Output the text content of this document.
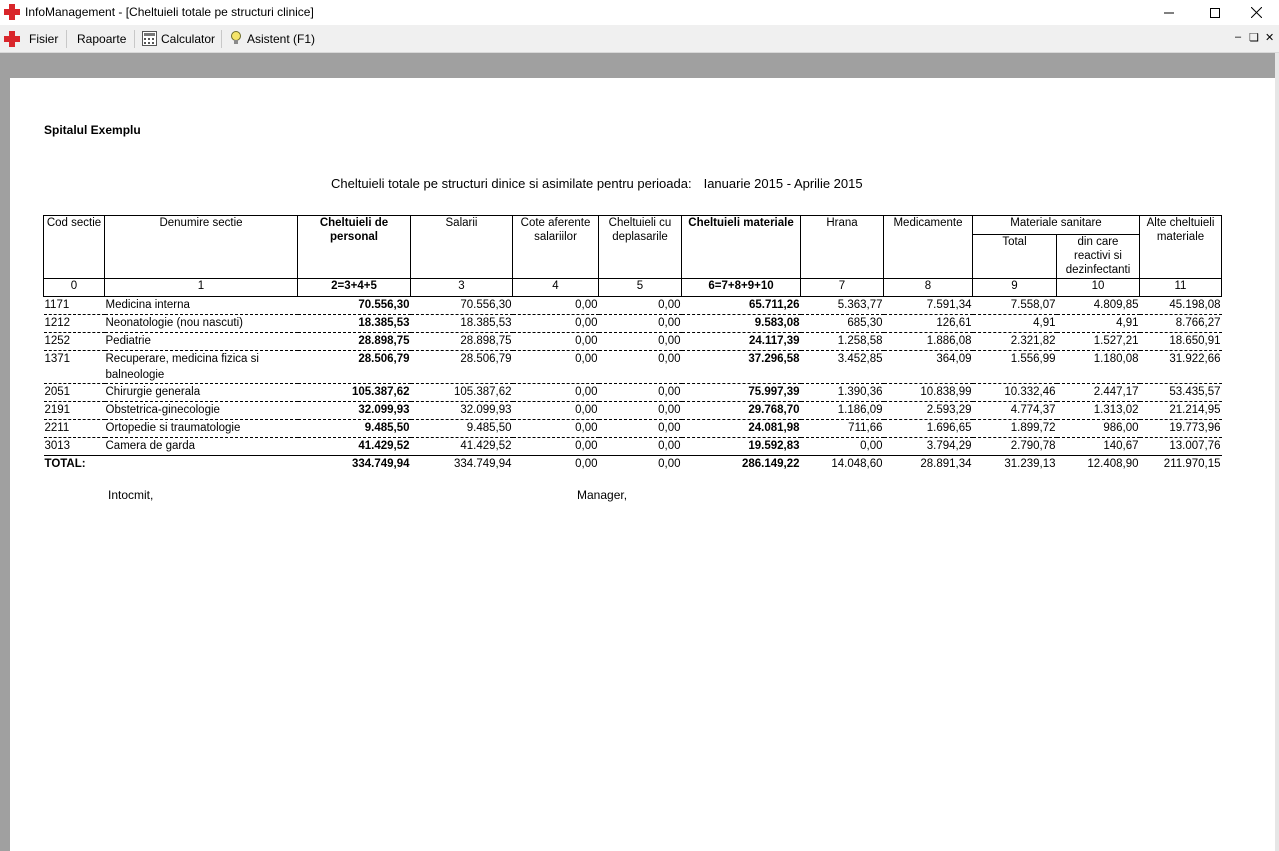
InfoManagement - [Cheltuieli totale pe structuri clinice]
Fisier Rapoarte	Calculator	Asistent (F1)	– ❏ ✕
Spitalul Exemplu
Cheltuieli totale pe structuri dinice si asimilate pentru perioada: Ianuarie 2015 - Aprilie 2015
Cod sectie	Denumire sectie	Cheltuieli de personal	Salarii	Cote aferente salariilor	Cheltuieli cu deplasarile	Cheltuieli materiale	Hrana	Medicamente	Materiale sanitare		Alte cheltuieli materiale
									Total	din care reactivi si dezinfectanti	
0	1	2=3+4+5	3	4	5	6=7+8+9+10	7	8	9	10	11
1171	Medicina interna	70.556,30	70.556,30	0,00	0,00	65.711,26	5.363,77	7.591,34	7.558,07	4.809,85	45.198,08
1212	Neonatologie (nou nascuti)	18.385,53	18.385,53	0,00	0,00	9.583,08	685,30	126,61	4,91	4,91	8.766,27
1252	Pediatrie	28.898,75	28.898,75	0,00	0,00	24.117,39	1.258,58	1.886,08	2.321,82	1.527,21	18.650,91
1371	Recuperare, medicina fizica si balneologie	28.506,79	28.506,79	0,00	0,00	37.296,58	3.452,85	364,09	1.556,99	1.180,08	31.922,66
2051	Chirurgie generala	105.387,62	105.387,62	0,00	0,00	75.997,39	1.390,36	10.838,99	10.332,46	2.447,17	53.435,57
2191	Obstetrica-ginecologie	32.099,93	32.099,93	0,00	0,00	29.768,70	1.186,09	2.593,29	4.774,37	1.313,02	21.214,95
2211	Ortopedie si traumatologie	9.485,50	9.485,50	0,00	0,00	24.081,98	711,66	1.696,65	1.899,72	986,00	19.773,96
3013	Camera de garda	41.429,52	41.429,52	0,00	0,00	19.592,83	0,00	3.794,29	2.790,78	140,67	13.007,76
TOTAL:		334.749,94	334.749,94	0,00	0,00	286.149,22	14.048,60	28.891,34	31.239,13	12.408,90	211.970,15
Intocmit,	Manager,
